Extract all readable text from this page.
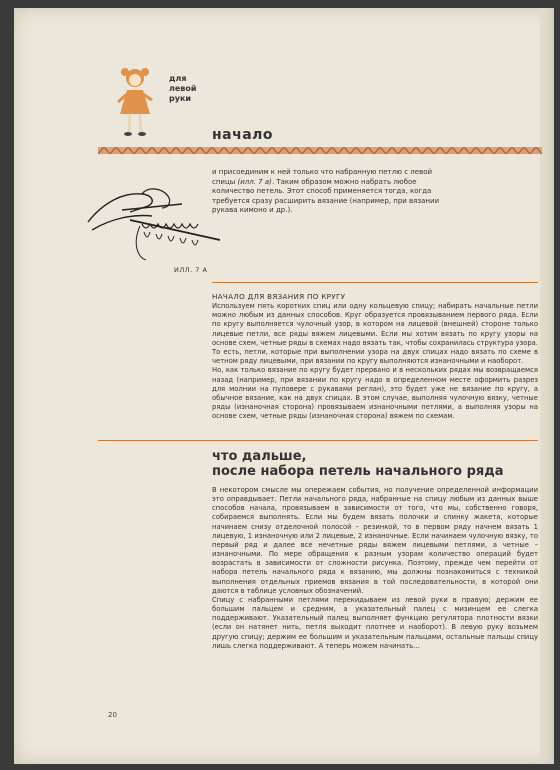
для
левой
руки
начало
ИЛЛ. 7 А
и присоединим к ней только что набранную петлю с левой спицы (илл. 7 а). Таким образом можно набрать любое количество петель. Этот способ применяется тогда, когда требуется сразу расширить вязание (например, при вязании рукава кимоно и др.).
НАЧАЛО ДЛЯ ВЯЗАНИЯ ПО КРУГУ

Используем пять коротких спиц или одну кольцевую спицу; набирать начальные петли можно любым из данных способов. Круг образуется провязыванием первого ряда. Если по кругу выполняется чулочный узор, в котором на лицевой (внешней) стороне только лицевые петли, все ряды вяжем лицевыми. Если мы хотим вязать по кругу узоры на основе схем, четные ряды в схемах надо вязать так, чтобы сохранилась структура узора. То есть, петли, которые при выполнении узора на двух спицах надо вязать по схеме в четном ряду лицевыми, при вязании по кругу выполняются изнаночными и наоборот.

Но, как только вязание по кругу будет прервано и в нескольких рядах мы возвращаемся назад (например, при вязании по кругу надо в определенном месте оформить разрез для молнии на пуловере с рукавами реглан), это будет уже не вязание по кругу, а обычное вязание, как на двух спицах. В этом случае, выполняя чулочную вязку, четные ряды (изнаночная сторона) провязываем изнаночными петлями, а выполняя узоры на основе схем, четные ряды (изнаночная сторона) вяжем по схемам.

что дальше,
после набора петель начального ряда

В некотором смысле мы опережаем события, но получение определенной информации это оправдывает. Петли начального ряда, набранные на спицу любым из данных выше способов начала, провязываем в зависимости от того, что мы, собственно говоря, собираемся выполнять. Если мы будем вязать полочки и спинку жакета, которые начинаем снизу отделочной полосой – резинкой, то в первом ряду начнем вязать 1 лицевую, 1 изнаночную или 2 лицевые, 2 изнаночные. Если начинаем чулочную вязку, то первый ряд и далее все нечетные ряды вяжем лицевыми петлями, а четные – изнаночными. По мере обращения к разным узорам количество операций будет возрастать в зависимости от сложности рисунка. Поэтому, прежде чем перейти от набора петель начального ряда к вязанию, мы должны познакомиться с техникой выполнения отдельных приемов вязания в той последовательности, в которой они даются в таблице условных обозначений.

Спицу с набранными петлями перекидываем из левой руки в правую; держим ее большим пальцем и средним, а указательный палец с мизинцем ее слегка поддерживают. Указательный палец выполняет функцию регулятора плотности вязки (если он натянет нить, петля выходит плотнее и наоборот). В левую руку возьмем другую спицу; держим ее большим и указательным пальцами, остальные пальцы спицу лишь слегка поддерживают. А теперь можем начинать…

20
